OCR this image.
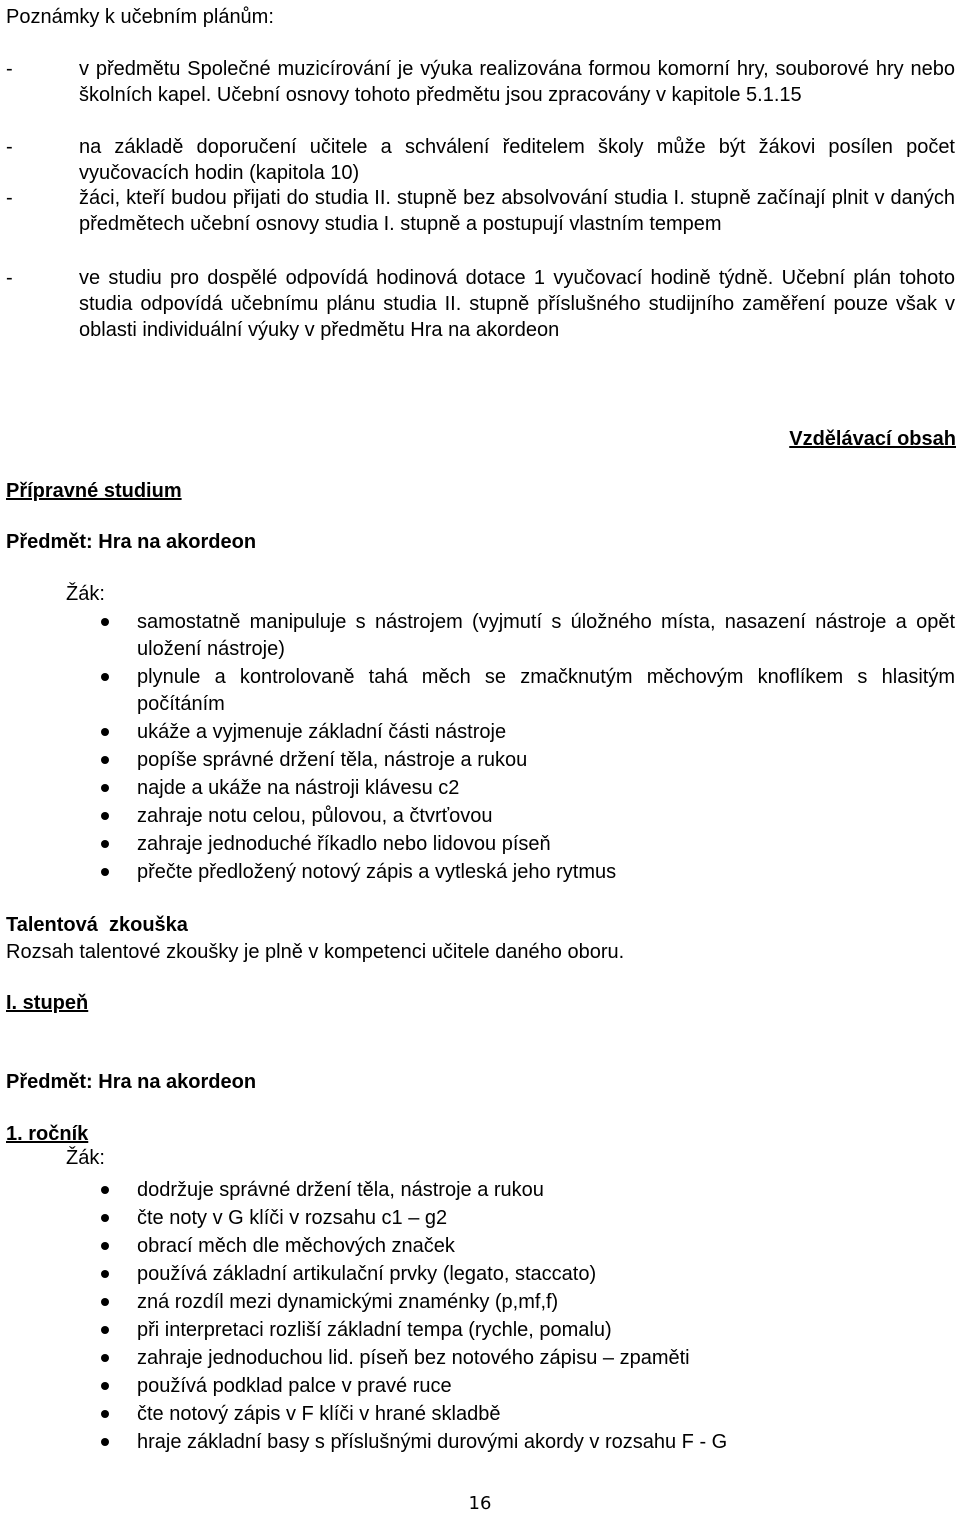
Poznámky k učebním plánům:
-	v předmětu Společné muzicírování je výuka realizována formou komorní hry, souborové hry nebo školních kapel. Učební osnovy tohoto předmětu jsou zpracovány v kapitole 5.1.15
-	na základě doporučení učitele a schválení ředitelem školy může být žákovi posílen počet vyučovacích hodin (kapitola 10)
-	žáci, kteří budou přijati do studia II. stupně bez absolvování studia I. stupně začínají plnit v daných předmětech učební osnovy studia I. stupně a postupují vlastním tempem
-	ve studiu pro dospělé odpovídá hodinová dotace 1 vyučovací hodině týdně. Učební plán tohoto studia odpovídá učebnímu plánu studia II. stupně příslušného studijního zaměření pouze však v oblasti individuální výuky v předmětu Hra na akordeon
Vzdělávací obsah
Přípravné studium
Předmět: Hra na akordeon
Žák:
samostatně manipuluje s nástrojem (vyjmutí s úložného místa, nasazení nástroje a opět uložení nástroje)
plynule a kontrolovaně tahá měch se zmačknutým měchovým knoflíkem s hlasitým počítáním
ukáže a vyjmenuje základní části nástroje
popíše správné držení těla, nástroje a rukou
najde a ukáže na nástroji klávesu c2
zahraje notu celou, půlovou, a čtvrťovou
zahraje jednoduché říkadlo nebo lidovou píseň
přečte předložený notový zápis a vytleská jeho rytmus
Talentová  zkouška
Rozsah talentové zkoušky je plně v kompetenci učitele daného oboru.
I. stupeň
Předmět: Hra na akordeon
1. ročník
Žák:
dodržuje správné držení těla, nástroje a rukou
čte noty v G klíči v rozsahu c1 – g2
obrací měch dle měchových značek
používá základní artikulační prvky (legato, staccato)
zná rozdíl mezi dynamickými znaménky (p,mf,f)
při interpretaci rozliší základní tempa (rychle, pomalu)
zahraje jednoduchou lid. píseň bez notového zápisu – zpaměti
používá podklad palce v pravé ruce
čte notový zápis v F klíči v hrané skladbě
hraje základní basy s příslušnými durovými akordy v rozsahu F - G
16
